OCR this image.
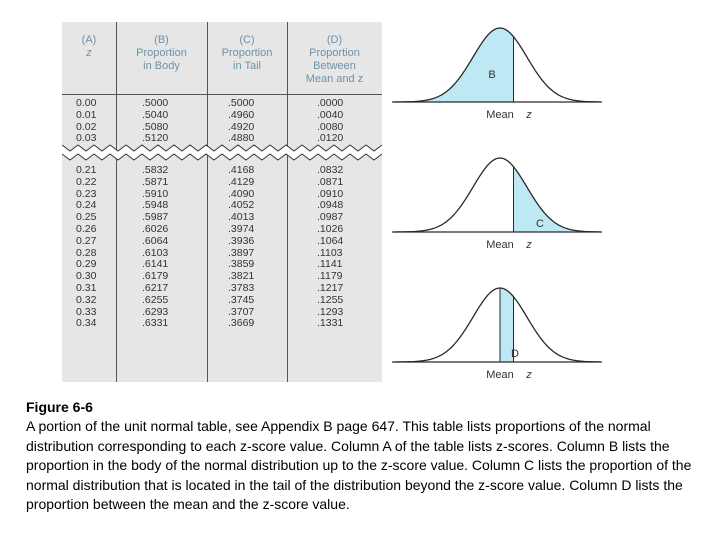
(A)
z
(B)
Proportion
in Body
(C)
Proportion
in Tail
(D)
Proportion
Between
Mean and z
0.00
0.01
0.02
0.03
.5000
.5040
.5080
.5120
.5000
.4960
.4920
.4880
.0000
.0040
.0080
.0120
0.21
0.22
0.23
0.24
0.25
0.26
0.27
0.28
0.29
0.30
0.31
0.32
0.33
0.34
.5832
.5871
.5910
.5948
.5987
.6026
.6064
.6103
.6141
.6179
.6217
.6255
.6293
.6331
.4168
.4129
.4090
.4052
.4013
.3974
.3936
.3897
.3859
.3821
.3783
.3745
.3707
.3669
.0832
.0871
.0910
.0948
.0987
.1026
.1064
.1103
.1141
.1179
.1217
.1255
.1293
.1331
B
Mean z
C
Mean z
D
Mean z
Figure 6-6
A portion of the unit normal table, see Appendix B page 647. This table lists proportions of the normal distribution corresponding to each z-score value. Column A of the table lists z-scores. Column B lists the proportion in the body of the normal distribution up to the z-score value. Column C lists the proportion of the normal distribution that is located in the tail of the distribution beyond the z-score value. Column D lists the proportion between the mean and the z-score value.
